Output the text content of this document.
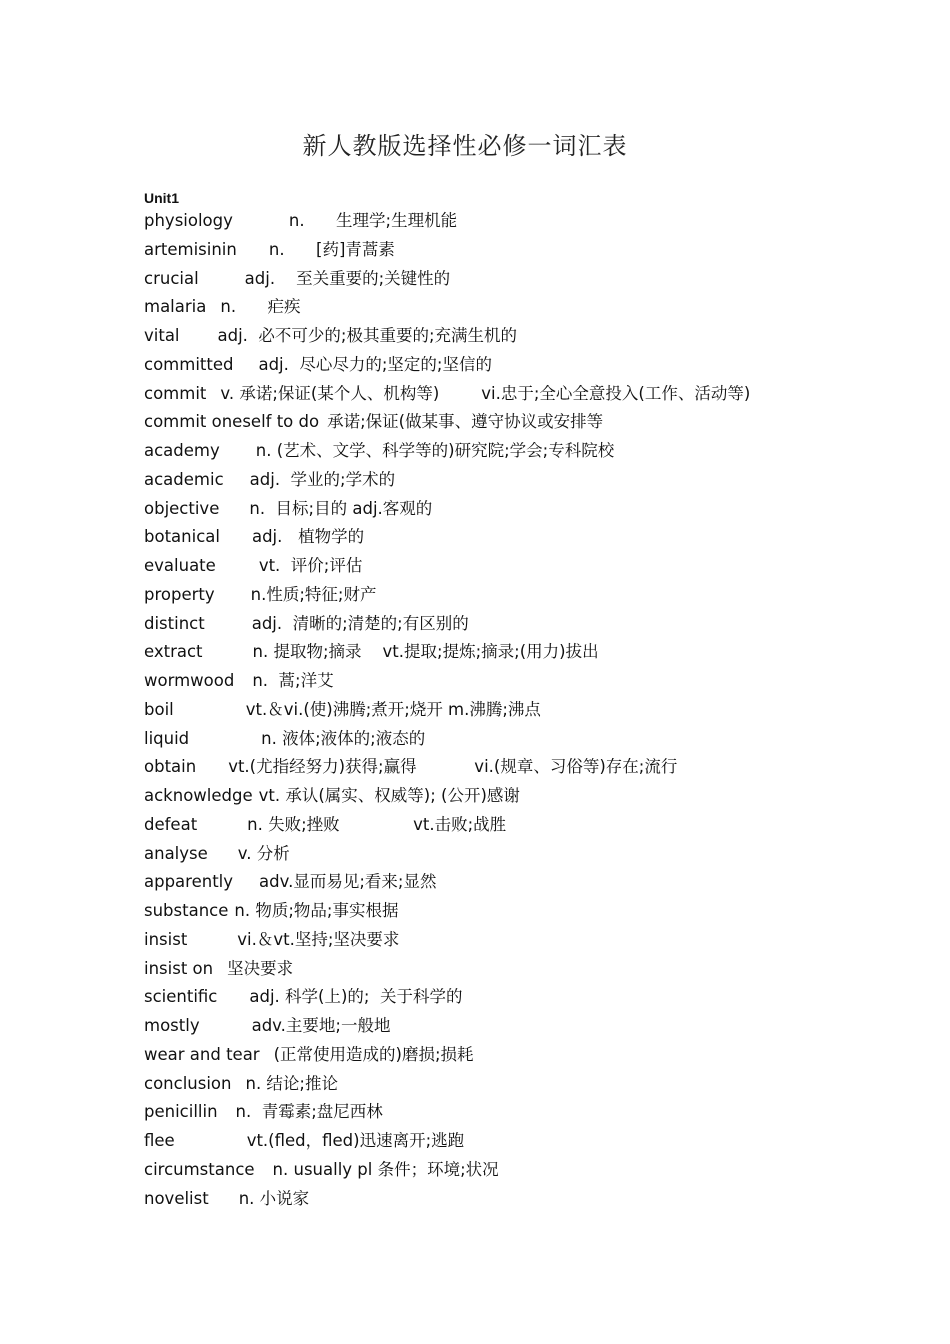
新人教版选择性必修一词汇表
Unit1
physiology	n.      生理学;生理机能
artemisinin n.      [药]青蒿素
crucial	adj.    至关重要的;关键性的
malaria n.      疟疾
vital adj.  必不可少的;极其重要的;充满生机的
committed adj.  尽心尽力的;坚定的;坚信的
commit v. 承诺;保证(某个人、机构等)        vi.忠于;全心全意投入(工作、活动等)
commit oneself to do 承诺;保证(做某事、遵守协议或安排等
academy n. (艺术、文学、科学等的)研究院;学会;专科院校
academic adj.  学业的;学术的
objective n.  目标;目的 adj.客观的
botanical adj.   植物学的
evaluate	vt.  评价;评估
property n.性质;特征;财产
distinct	adj.  清晰的;清楚的;有区别的
extract	n. 提取物;摘录    vt.提取;提炼;摘录;(用力)拔出
wormwood n.  蒿;洋艾
boil	vt.＆vi.(使)沸腾;煮开;烧开 m.沸腾;沸点
liquid	n. 液体;液体的;液态的
obtain vt.(尤指经努力)获得;赢得           vi.(规章、习俗等)存在;流行
acknowledge vt. 承认(属实、权威等); (公开)感谢
defeat	n. 失败;挫败              vt.击败;战胜
analyse v. 分析
apparently adv.显而易见;看来;显然
substance n. 物质;物品;事实根据
insist	vi.＆vt.坚持;坚决要求
insist on 坚决要求
scientific adj. 科学(上)的;  关于科学的
mostly	adv.主要地;一般地
wear and tear (正常使用造成的)磨损;损耗
conclusion n. 结论;推论
penicillin n.  青霉素;盘尼西林
flee	vt.(fled，fled)迅速离开;逃跑
circumstance n. usually pl 条件；环境;状况
novelist n. 小说家
